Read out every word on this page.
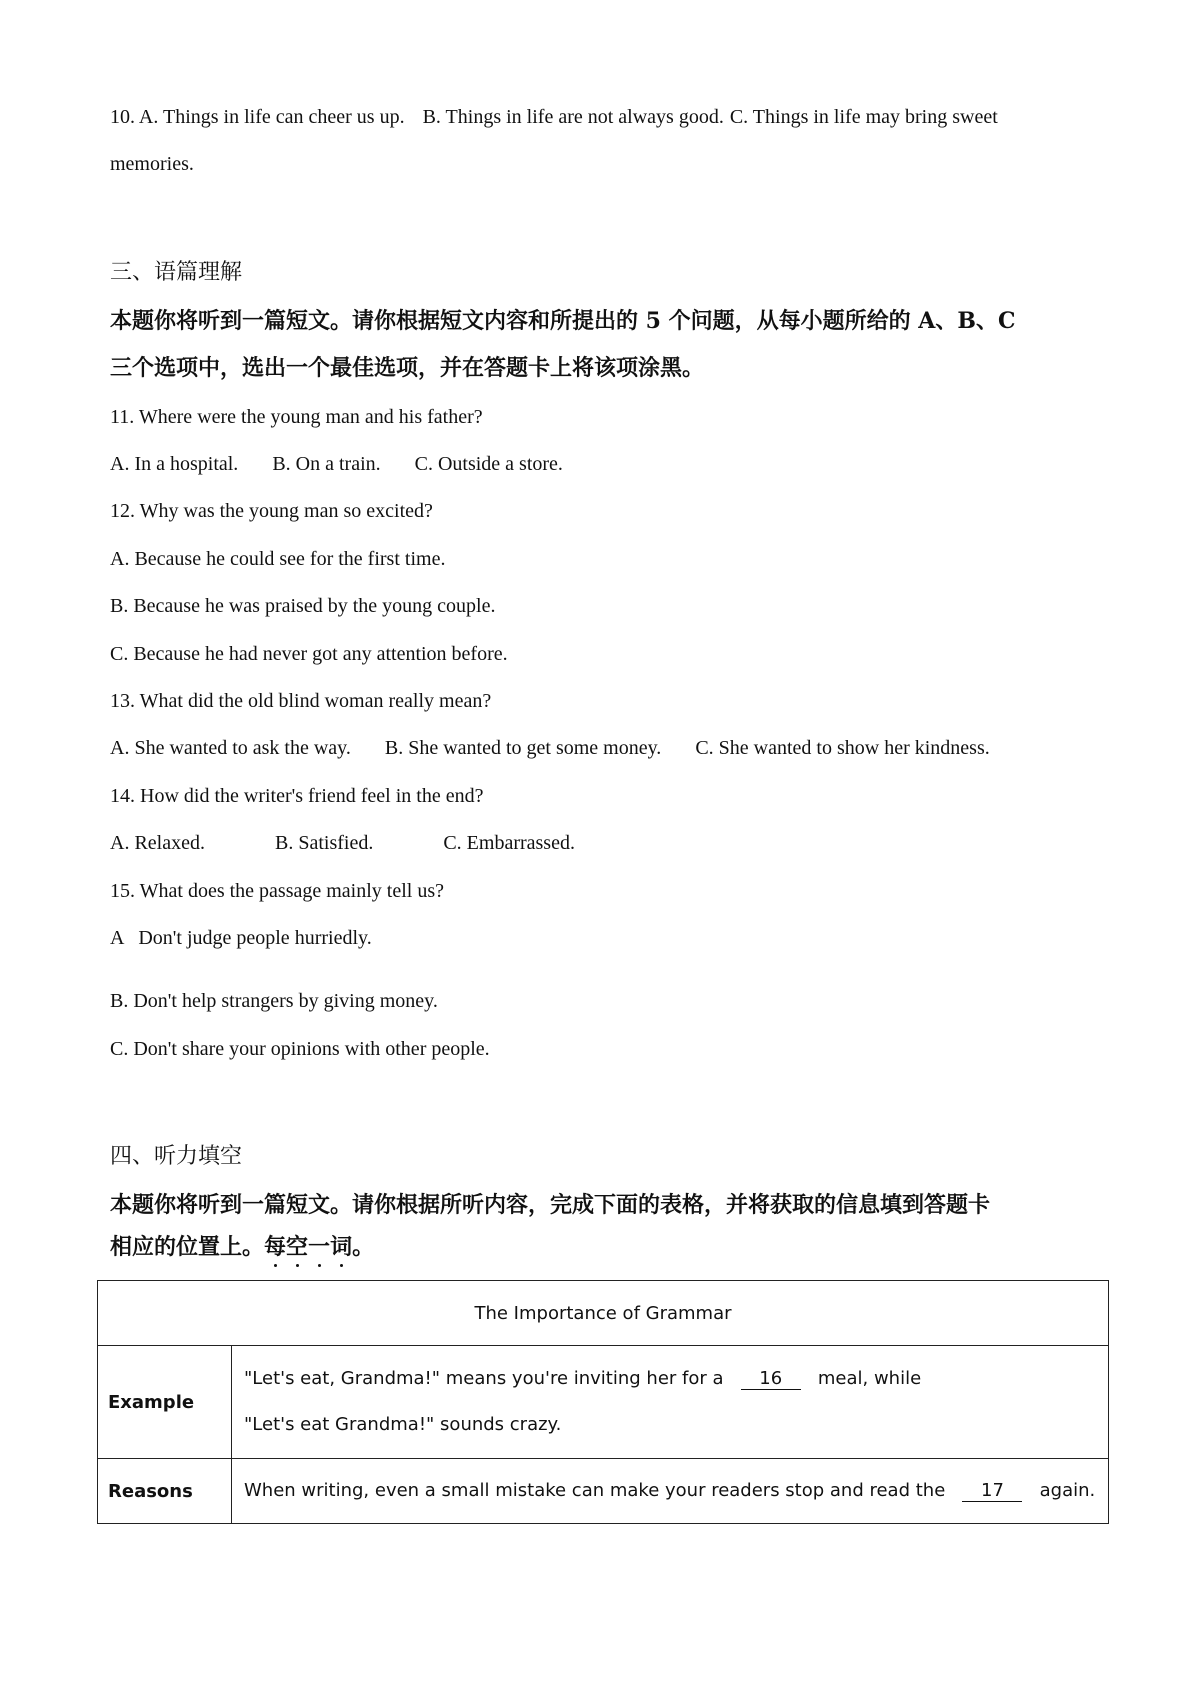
10. A. Things in life can cheer us up. B. Things in life are not always good. C. Things in life may bring sweet
memories.
三、语篇理解
本题你将听到一篇短文。请你根据短文内容和所提出的 5 个问题，从每小题所给的 A、B、C
三个选项中，选出一个最佳选项，并在答题卡上将该项涂黑。
11. Where were the young man and his father?
A. In a hospital. B. On a train. C. Outside a store.
12. Why was the young man so excited?
A. Because he could see for the first time.
B. Because he was praised by the young couple.
C. Because he had never got any attention before.
13. What did the old blind woman really mean?
A. She wanted to ask the way. B. She wanted to get some money. C. She wanted to show her kindness.
14. How did the writer's friend feel in the end?
A. Relaxed.	B. Satisfied.	C. Embarrassed.
15. What does the passage mainly tell us?
A   Don't judge people hurriedly.
B. Don't help strangers by giving money.
C. Don't share your opinions with other people.
四、听力填空
本题你将听到一篇短文。请你根据所听内容，完成下面的表格，并将获取的信息填到答题卡
相应的位置上。每空一词。
The Importance of Grammar	
Example	"Let's eat, Grandma!" means you're inviting her for a 16 meal, while

"Let's eat Grandma!" sounds crazy.

Reasons	When writing, even a small mistake can make your readers stop and read the 17 again.
